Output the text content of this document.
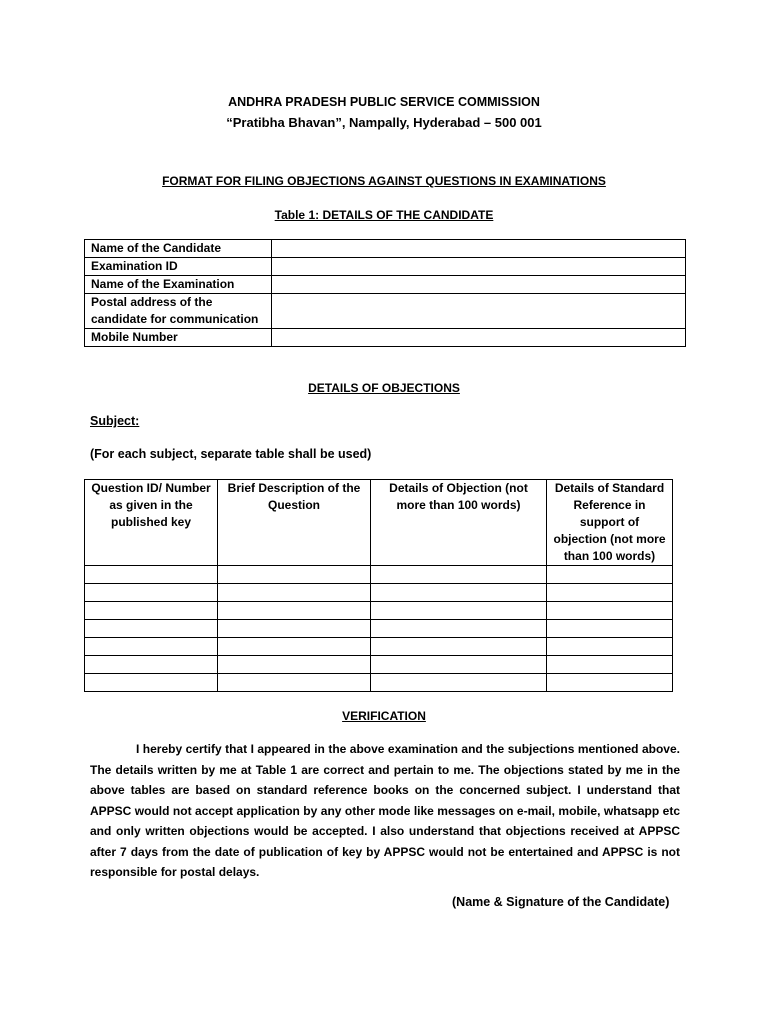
ANDHRA PRADESH PUBLIC SERVICE COMMISSION
“Pratibha Bhavan”, Nampally, Hyderabad – 500 001
FORMAT FOR FILING OBJECTIONS AGAINST QUESTIONS IN EXAMINATIONS
Table 1: DETAILS OF THE CANDIDATE
Name of the Candidate	
Examination ID	
Name of the Examination	
Postal address of the candidate for communication	
Mobile Number	
DETAILS OF OBJECTIONS
Subject:
(For each subject, separate table shall be used)
Question ID/ Number as given in the published key	Brief Description of the Question	Details of Objection (not more than 100 words)	Details of Standard Reference in support of objection (not more than 100 words)

VERIFICATION
I hereby certify that I appeared in the above examination and the subjections mentioned above. The details written by me at Table 1 are correct and pertain to me. The objections stated by me in the above tables are based on standard reference books on the concerned subject. I understand that APPSC would not accept application by any other mode like messages on e-mail, mobile, whatsapp etc and only written objections would be accepted. I also understand that objections received at APPSC after 7 days from the date of publication of key by APPSC would not be entertained and APPSC is not responsible for postal delays.
(Name & Signature of the Candidate)
